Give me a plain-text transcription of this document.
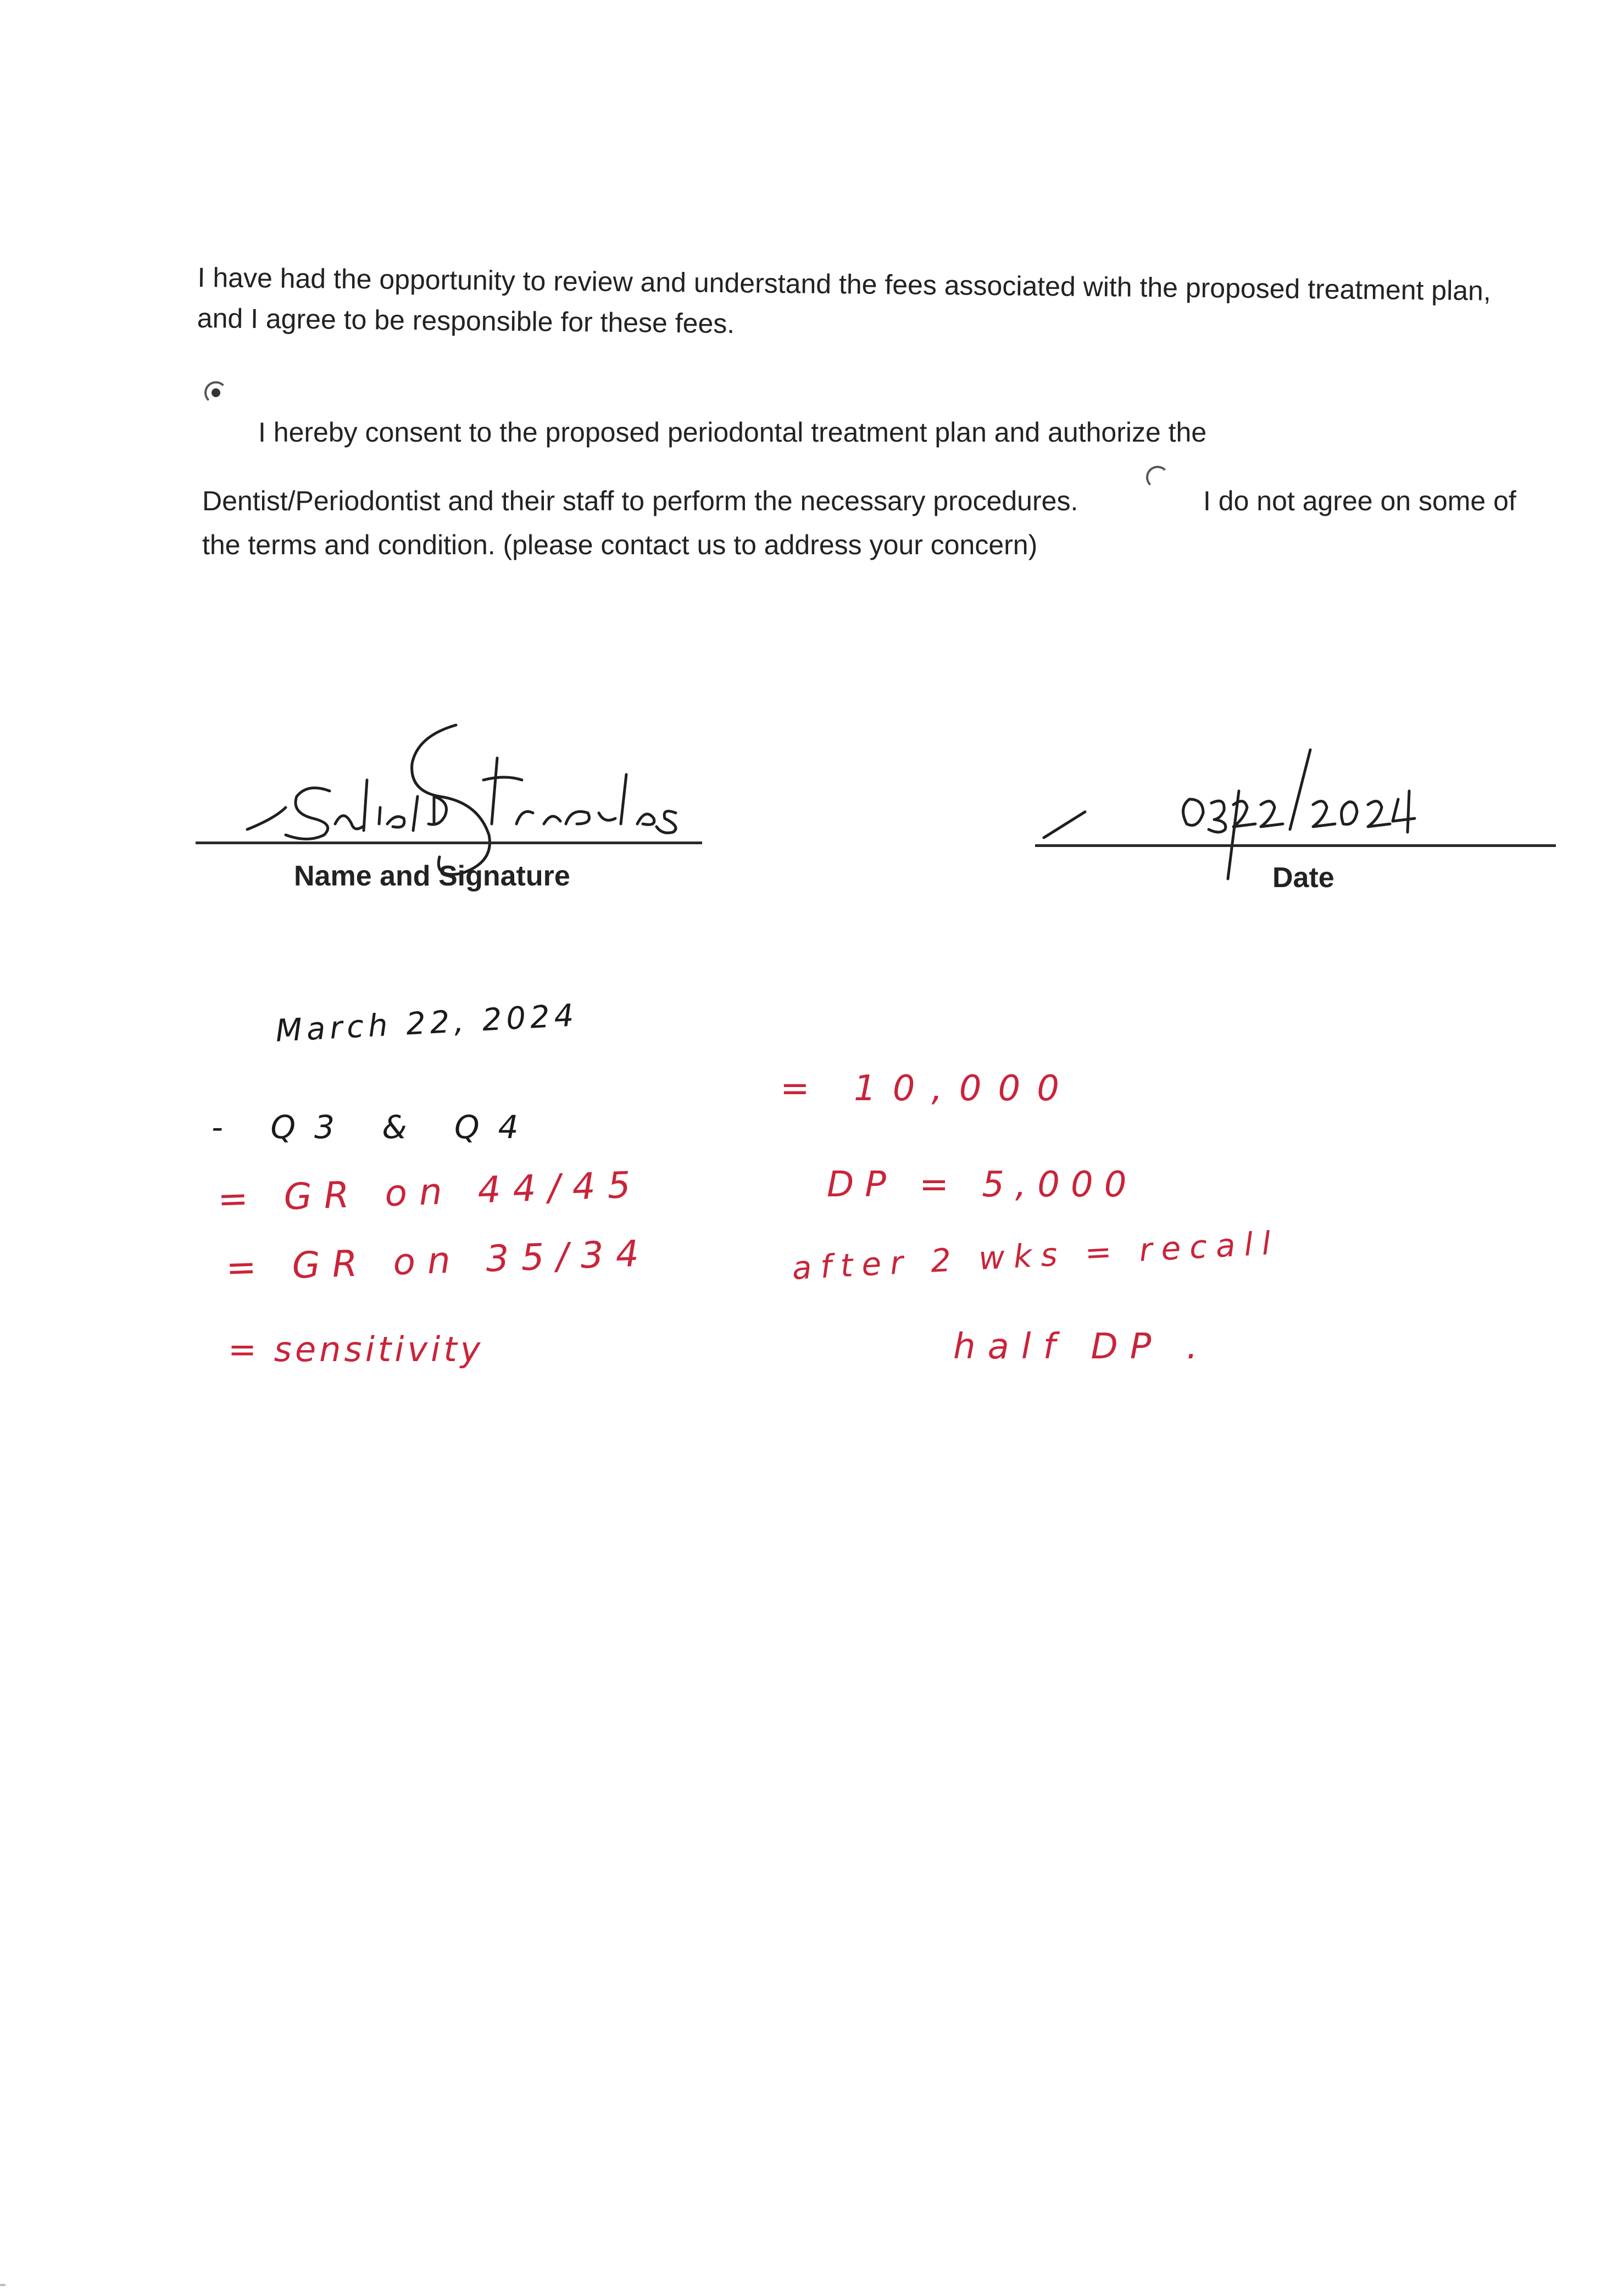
I have had the opportunity to review and understand the fees associated with the proposed treatment plan, and I agree to be responsible for these fees.
I hereby consent to the proposed periodontal treatment plan and authorize the
Dentist/Periodontist and their staff to perform the necessary procedures.	I do not agree on some of
the terms and condition. (please contact us to address your concern)
Name and Signature	Date
March 22, 2024
- Q3 & Q4
= GR on 44/45
= GR on 35/34
= sensitivity
= 10,000
DP = 5,000
after 2 wks = recall
half DP .
